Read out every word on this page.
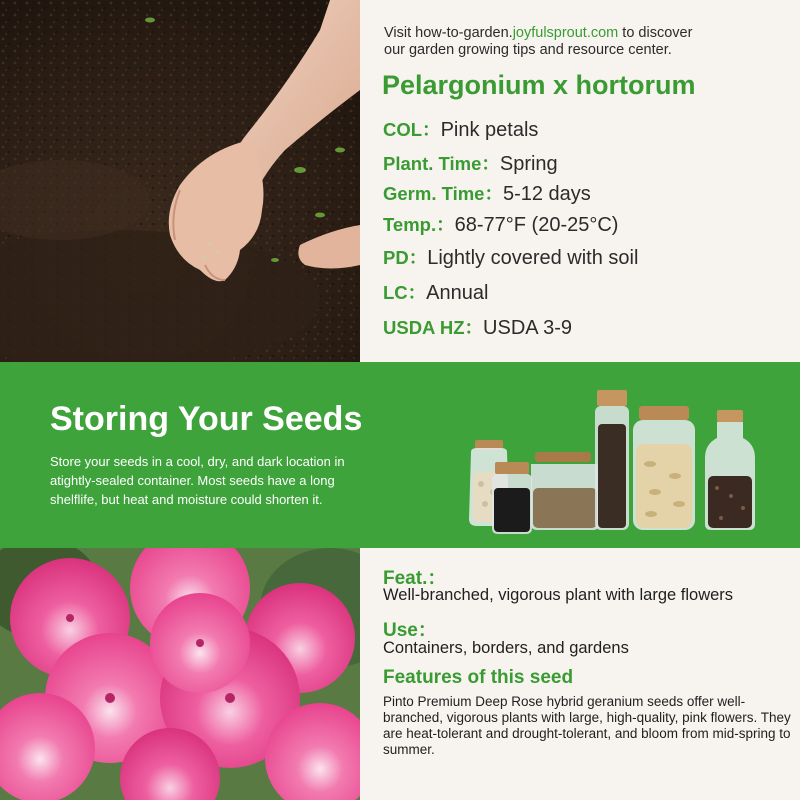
Visit how-to-garden.joyfulsprout.com to discover
our garden growing tips and resource center.
Pelargonium x hortorum
COL：Pink petals
Plant. Time：Spring
Germ. Time：5-12 days
Temp.：68-77°F (20-25°C)
PD：Lightly covered with soil
LC：Annual
USDA HZ：USDA 3-9
Storing Your Seeds
Store your seeds in a cool, dry, and dark location in atightly-sealed container. Most seeds have a long shelflife, but heat and moisture could shorten it.
Feat.：
Well-branched, vigorous plant with large flowers
Use：
Containers, borders, and gardens
Features of this seed
Pinto Premium Deep Rose hybrid geranium seeds offer well-branched, vigorous plants with large, high-quality, pink flowers. They are heat-tolerant and drought-tolerant, and bloom from mid-spring to summer.
